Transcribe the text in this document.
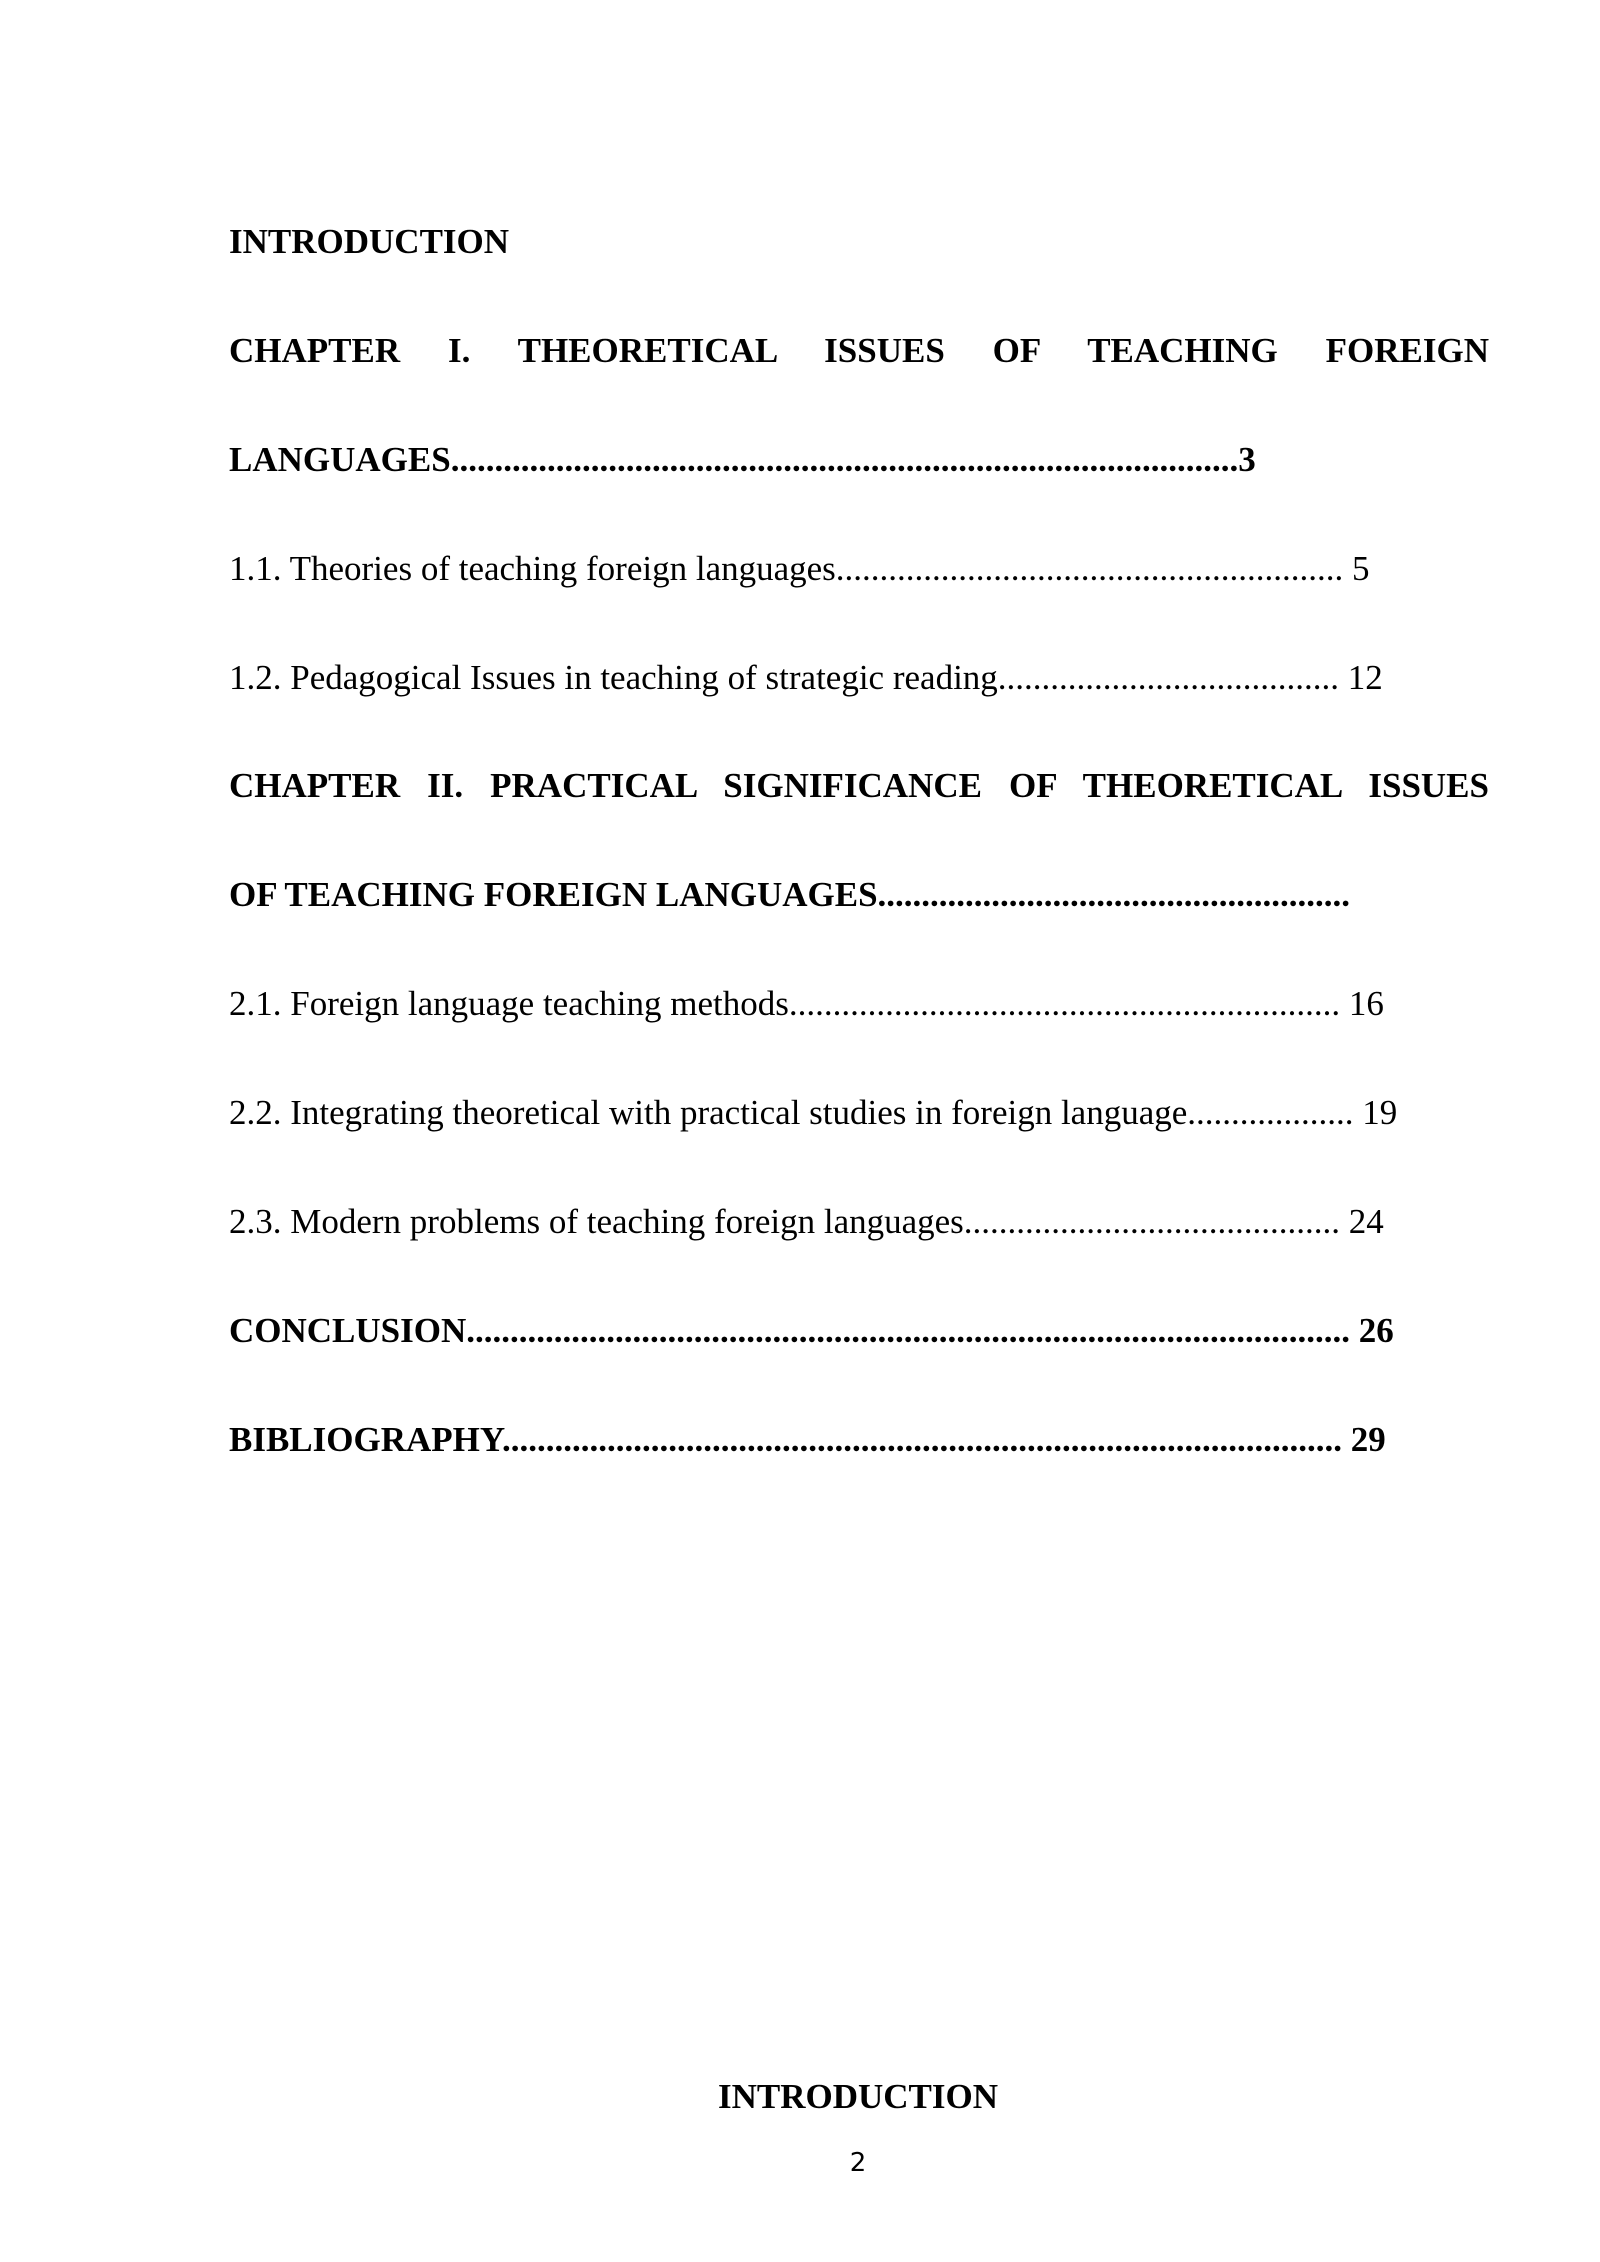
INTRODUCTION
CHAPTER I. THEORETICAL ISSUES OF TEACHING FOREIGN
LANGUAGES..........................................................................................3
1.1. Theories of teaching foreign languages.......................................................... 5
1.2. Pedagogical Issues in teaching of strategic reading....................................... 12
CHAPTER II. PRACTICAL SIGNIFICANCE OF THEORETICAL ISSUES
OF TEACHING FOREIGN LANGUAGES......................................................
2.1. Foreign language teaching methods............................................................... 16
2.2. Integrating theoretical with practical studies in foreign language................... 19
2.3. Modern problems of teaching foreign languages........................................... 24
CONCLUSION..................................................................................................... 26
BIBLIOGRAPHY................................................................................................ 29
INTRODUCTION
2
